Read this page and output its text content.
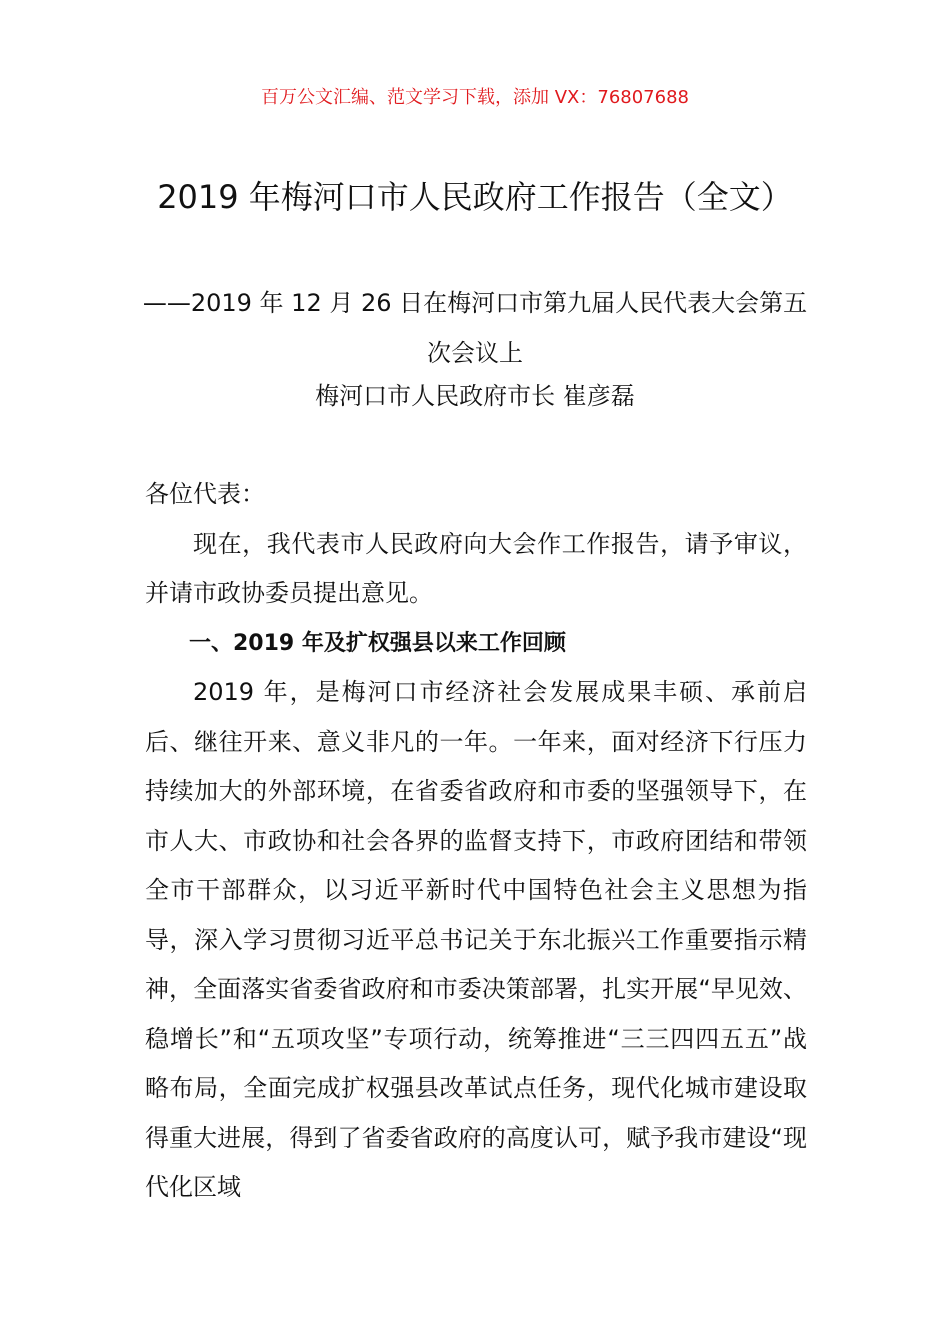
百万公文汇编、范文学习下载，添加 VX：76807688
2019 年梅河口市人民政府工作报告（全文）
——2019 年 12 月 26 日在梅河口市第九届人民代表大会第五次会议上
梅河口市人民政府市长 崔彦磊

各位代表：

现在，我代表市人民政府向大会作工作报告，请予审议，并请市政协委员提出意见。

一、2019 年及扩权强县以来工作回顾

2019 年，是梅河口市经济社会发展成果丰硕、承前启后、继往开来、意义非凡的一年。一年来，面对经济下行压力持续加大的外部环境，在省委省政府和市委的坚强领导下，在市人大、市政协和社会各界的监督支持下，市政府团结和带领全市干部群众，以习近平新时代中国特色社会主义思想为指导，深入学习贯彻习近平总书记关于东北振兴工作重要指示精神，全面落实省委省政府和市委决策部署，扎实开展“早见效、稳增长”和“五项攻坚”专项行动，统筹推进“三三四四五五”战略布局，全面完成扩权强县改革试点任务，现代化城市建设取得重大进展，得到了省委省政府的高度认可，赋予我市建设“现代化区域
